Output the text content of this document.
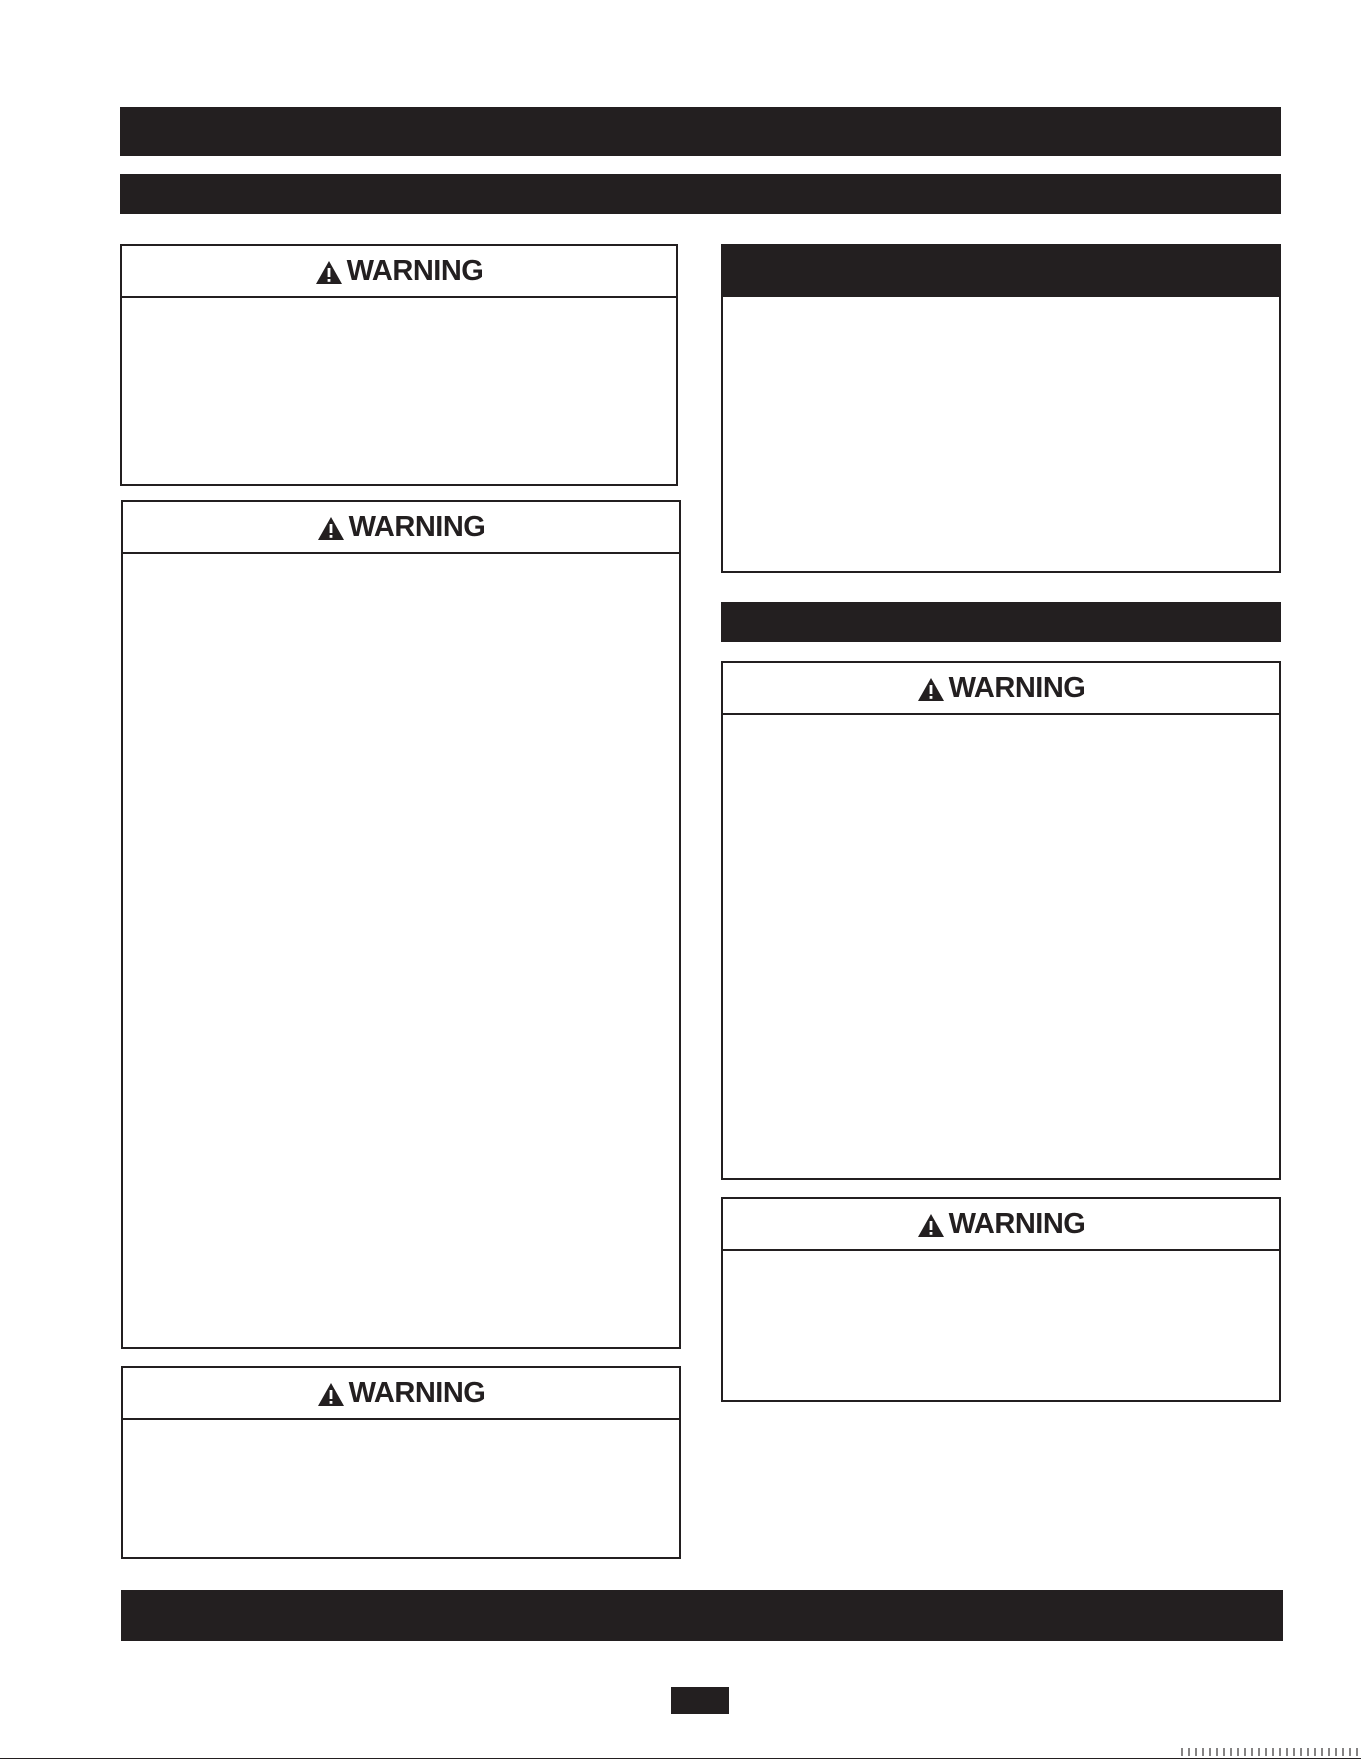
WARNING
WARNING
WARNING
WARNING
WARNING
